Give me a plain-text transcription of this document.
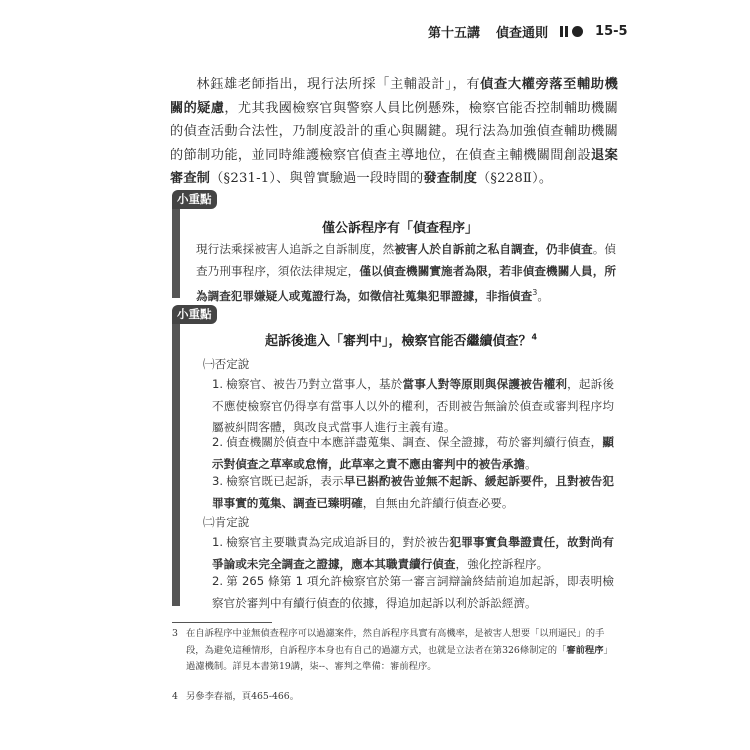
第十五講 偵查通則	15-5

林鈺雄老師指出，現行法所採「主輔設計」，有偵查大權旁落至輔助機關的疑慮，尤其我國檢察官與警察人員比例懸殊，檢察官能否控制輔助機關的偵查活動合法性，乃制度設計的重心與關鍵。現行法為加強偵查輔助機關的節制功能，並同時維護檢察官偵查主導地位，在偵查主輔機關間創設退案審查制（§231-1）、與曾實驗過一段時間的發查制度（§228Ⅱ）。

小重點
僅公訴程序有「偵查程序」

現行法乘採被害人追訴之自訴制度，然被害人於自訴前之私自調查，仍非偵查。偵查乃刑事程序，須依法律規定，僅以偵查機關實施者為限，若非偵查機關人員，所為調查犯罪嫌疑人或蒐證行為，如徵信社蒐集犯罪證據，非指偵查$^3$。

小重點
起訴後進入「審判中」，檢察官能否繼續偵查？$^4$
㈠否定說

1. 檢察官、被告乃對立當事人，基於當事人對等原則與保護被告權利，起訴後不應使檢察官仍得享有當事人以外的權利，否則被告無論於偵查或審判程序均屬被糾問客體，與改良式當事人進行主義有違。

2. 偵查機關於偵查中本應詳盡蒐集、調查、保全證據，苟於審判續行偵查，顯示對偵查之草率或怠惰，此草率之責不應由審判中的被告承擔。

3. 檢察官既已起訴，表示早已斟酌被告並無不起訴、緩起訴要件，且對被告犯罪事實的蒐集、調查已臻明確，自無由允許續行偵查必要。

㈡肯定說

1. 檢察官主要職責為完成追訴目的，對於被告犯罪事實負舉證責任，故對尚有爭論或未完全調查之證據，應本其職責續行偵查，強化控訴程序。

2. 第 265 條第 1 項允許檢察官於第一審言詞辯論終結前追加起訴，即表明檢察官於審判中有續行偵查的依據，得追加起訴以利於訴訟經濟。

3 在自訴程序中並無偵查程序可以過濾案件，然自訴程序具實有高機率，是被害人想要「以刑逼民」的手段，為避免這種情形，自訴程序本身也有自己的過濾方式，也就是立法者在第326條制定的「審前程序」過濾機制。詳見本書第19講，柒--、審判之準備：審前程序。

4 另參李春福，頁465-466。
